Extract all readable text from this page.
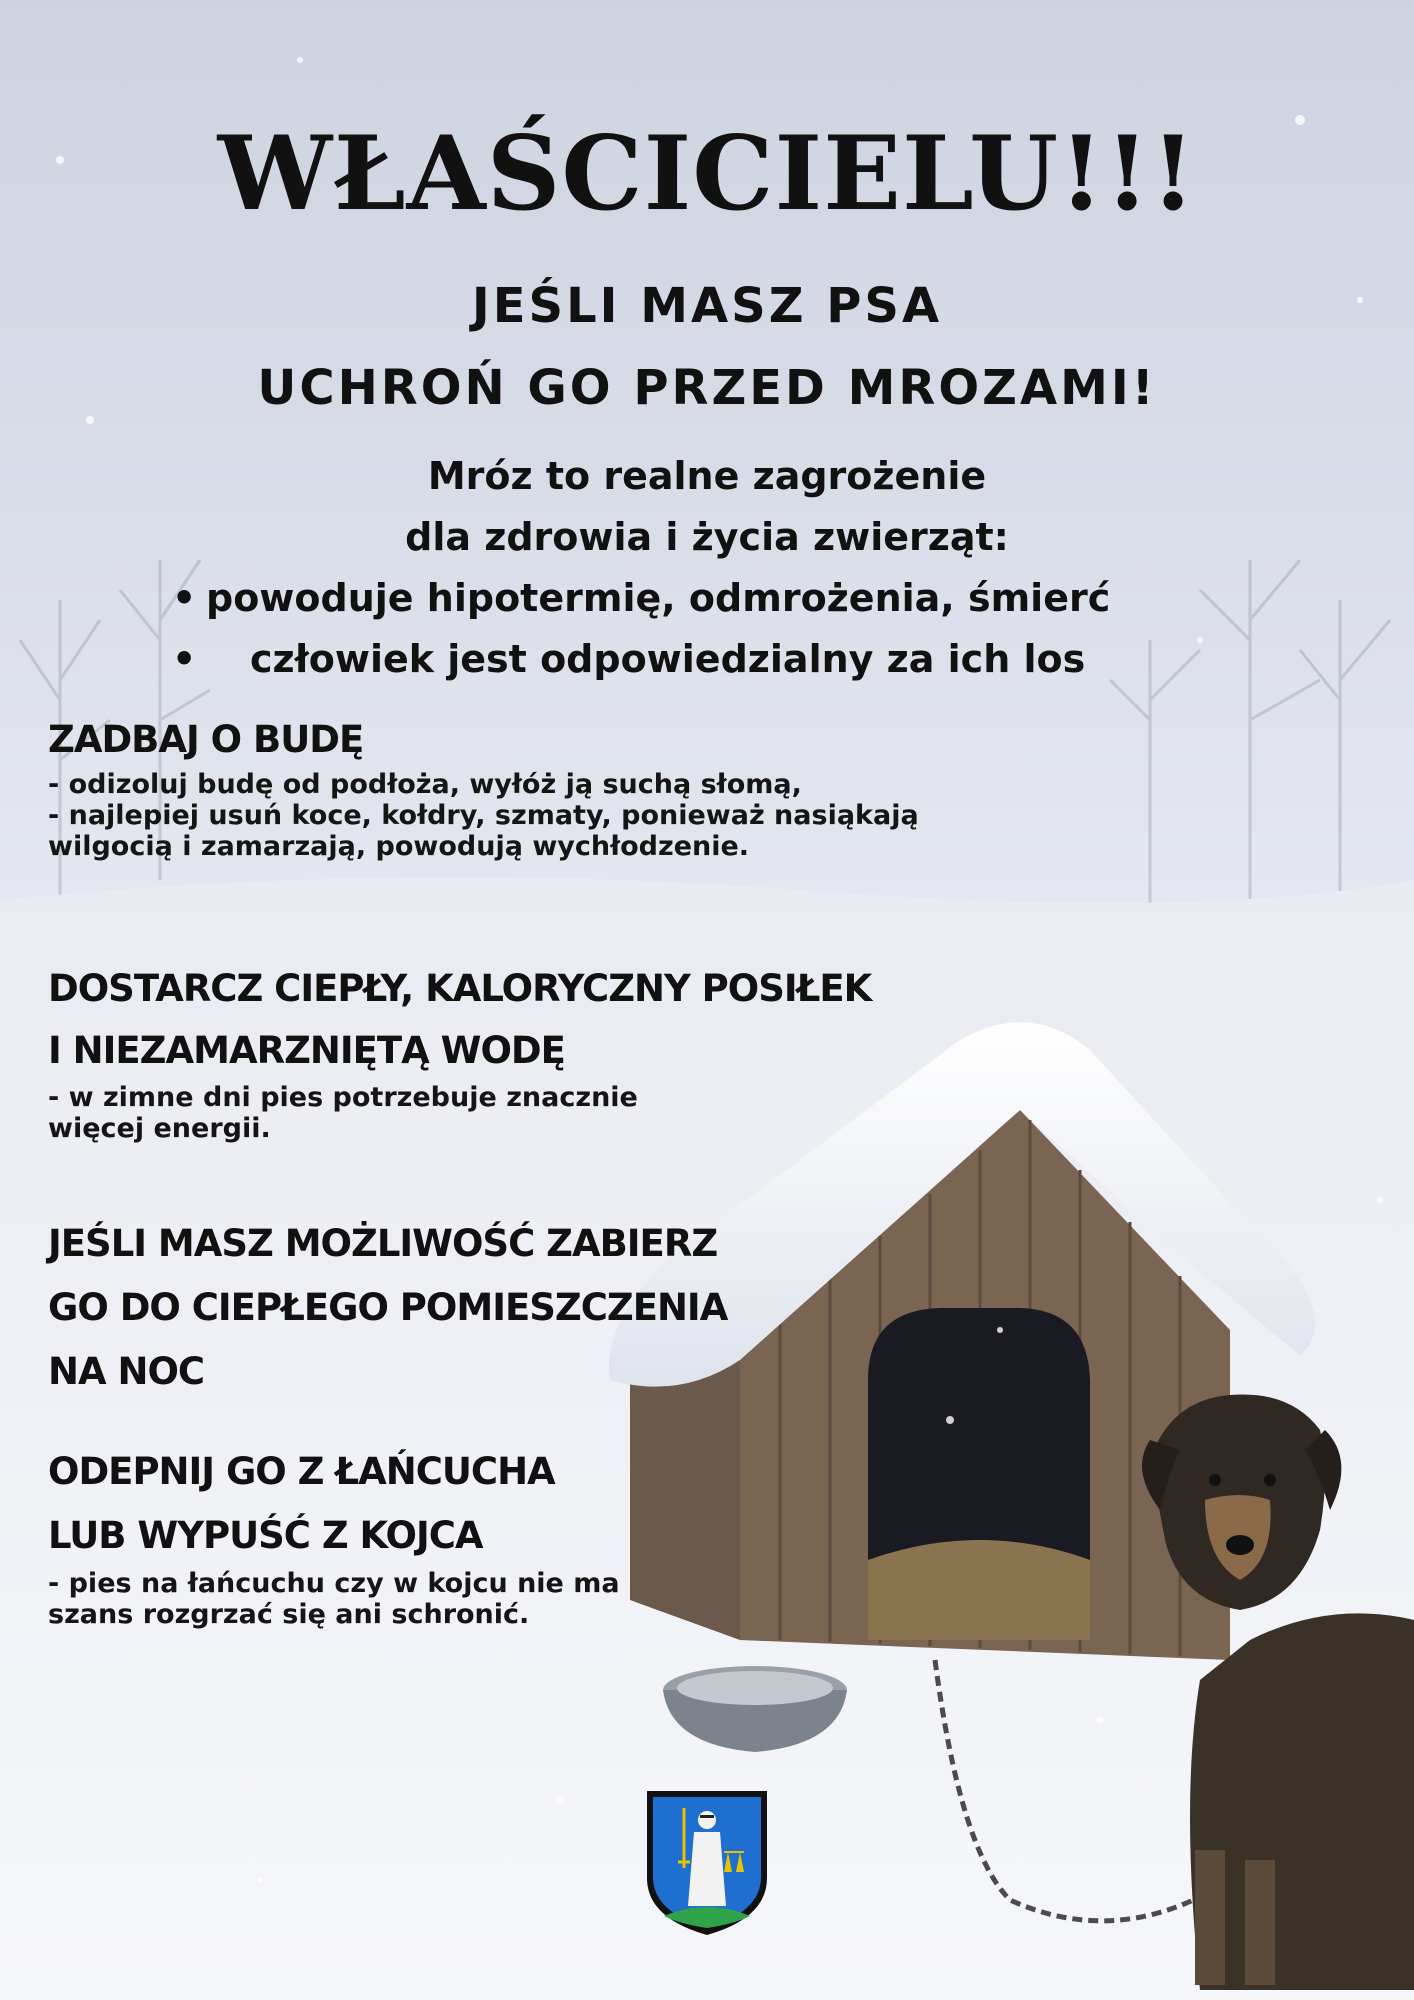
WŁAŚCICIELU!!!
JEŚLI MASZ PSA
UCHROŃ GO PRZED MROZAMI!
Mróz to realne zagrożenie
dla zdrowia i życia zwierząt:
• powoduje hipotermię, odmrożenia, śmierć
• człowiek jest odpowiedzialny za ich los
ZADBAJ O BUDĘ
- odizoluj budę od podłoża, wyłóż ją suchą słomą,
- najlepiej usuń koce, kołdry, szmaty, ponieważ nasiąkają
wilgocią i zamarzają, powodują wychłodzenie.
DOSTARCZ CIEPŁY, KALORYCZNY POSIŁEK
I NIEZAMARZNIĘTĄ WODĘ
- w zimne dni pies potrzebuje znacznie
więcej energii.
JEŚLI MASZ MOŻLIWOŚĆ ZABIERZ
GO DO CIEPŁEGO POMIESZCZENIA
NA NOC
ODEPNIJ GO Z ŁAŃCUCHA
LUB WYPUŚĆ Z KOJCA
- pies na łańcuchu czy w kojcu nie ma
szans rozgrzać się ani schronić.
